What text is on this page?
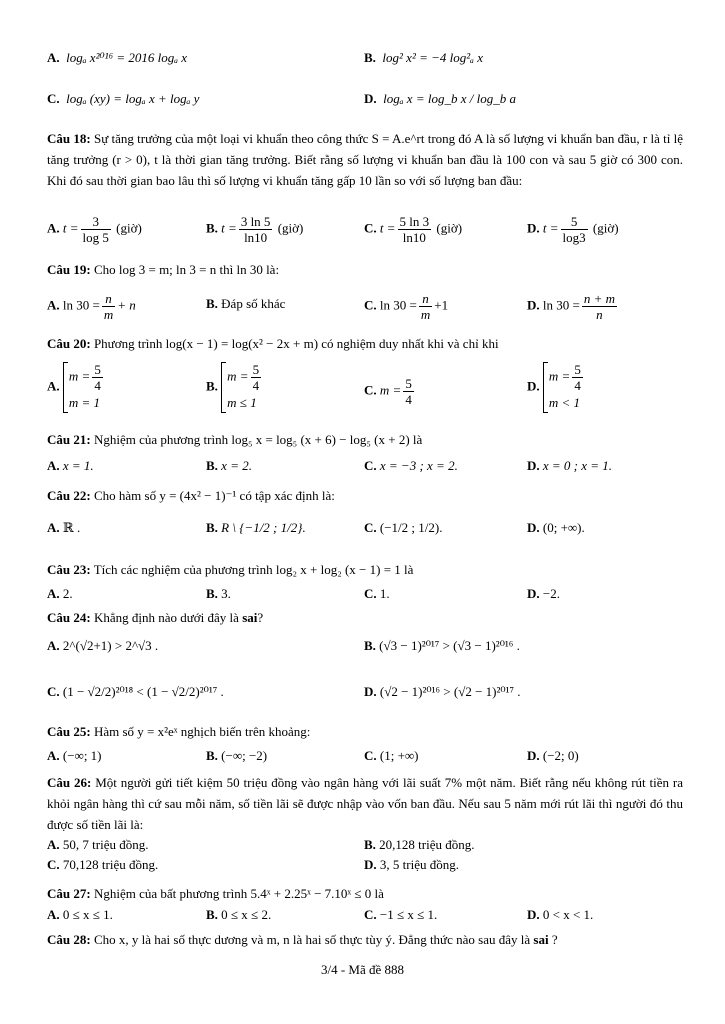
A. logₐ x²⁰¹⁶ = 2016 logₐ x	B. log² x² = −4 log²ₐ x
C. logₐ (xy) = logₐ x + logₐ y	D. logₐ x = log_b x / log_b a
Câu 18: Sự tăng trưởng của một loại vi khuẩn theo công thức S = A.e^rt trong đó A là số lượng vi khuẩn ban đầu, r là tỉ lệ tăng trưởng (r > 0), t là thời gian tăng trưởng. Biết rằng số lượng vi khuẩn ban đầu là 100 con và sau 5 giờ có 300 con. Khi đó sau thời gian bao lâu thì số lượng vi khuẩn tăng gấp 10 lần so với số lượng ban đầu:
A. $t = \frac{3}{\log 5}$ (giờ)	B. $t = \frac{3 \ln 5}{\ln 10}$ (giờ)	C. $t = \frac{5 \ln 3}{\ln 10}$ (giờ)	D. $t = \frac{5}{\log 3}$ (giờ)
Câu 19: Cho log 3 = m; ln 3 = n thì ln 30 là:
A. $\ln 30 = \frac{n}{m} + n$	B. Đáp số khác	C. $\ln 30 = \frac{n}{m} +1$	D. $\ln 30 = \frac{n + m}{n}$
Câu 20: Phương trình log(x − 1) = log(x² − 2x + m) có nghiệm duy nhất khi và chỉ khi
A.
$m = \frac{5}{4}$
m = 1
B.
$m = \frac{5}{4}$
m ≤ 1
C. $m = \frac{5}{4}$	D.
$m = \frac{5}{4}$
m < 1
Câu 21: Nghiệm của phương trình log₅ x = log₅ (x + 6) − log₅ (x + 2) là
A. x = 1.	B. x = 2.	C. x = −3 ; x = 2.	D. x = 0 ; x = 1.
Câu 22: Cho hàm số y = (4x² − 1)⁻¹ có tập xác định là:
A. ℝ .	B. R \ {−1/2 ; 1/2}.	C. (−1/2 ; 1/2).	D. (0; +∞).
Câu 23: Tích các nghiệm của phương trình log₂ x + log₂ (x − 1) = 1 là
A. 2.	B. 3.	C. 1.	D. −2.
Câu 24: Khẳng định nào dưới đây là sai?
A. 2^(√2+1) > 2^√3 .	B. (√3 − 1)²⁰¹⁷ > (√3 − 1)²⁰¹⁶ .
C. (1 − √2/2)²⁰¹⁸ < (1 − √2/2)²⁰¹⁷ .	D. (√2 − 1)²⁰¹⁶ > (√2 − 1)²⁰¹⁷ .
Câu 25: Hàm số y = x²eˣ nghịch biến trên khoảng:
A. (−∞; 1)	B. (−∞; −2)	C. (1; +∞)	D. (−2; 0)
Câu 26: Một người gửi tiết kiệm 50 triệu đồng vào ngân hàng với lãi suất 7% một năm. Biết rằng nếu không rút tiền ra khỏi ngân hàng thì cứ sau mỗi năm, số tiền lãi sẽ được nhập vào vốn ban đầu. Nếu sau 5 năm mới rút lãi thì người đó thu được số tiền lãi là:
A. 50, 7 triệu đồng.	B. 20,128 triệu đồng.
C. 70,128 triệu đồng.	D. 3, 5 triệu đồng.
Câu 27: Nghiệm của bất phương trình 5.4ˣ + 2.25ˣ − 7.10ˣ ≤ 0 là
A. 0 ≤ x ≤ 1.	B. 0 ≤ x ≤ 2.	C. −1 ≤ x ≤ 1.	D. 0 < x < 1.
Câu 28: Cho x, y là hai số thực dương và m, n là hai số thực tùy ý. Đẳng thức nào sau đây là sai ?
3/4 - Mã đề 888
